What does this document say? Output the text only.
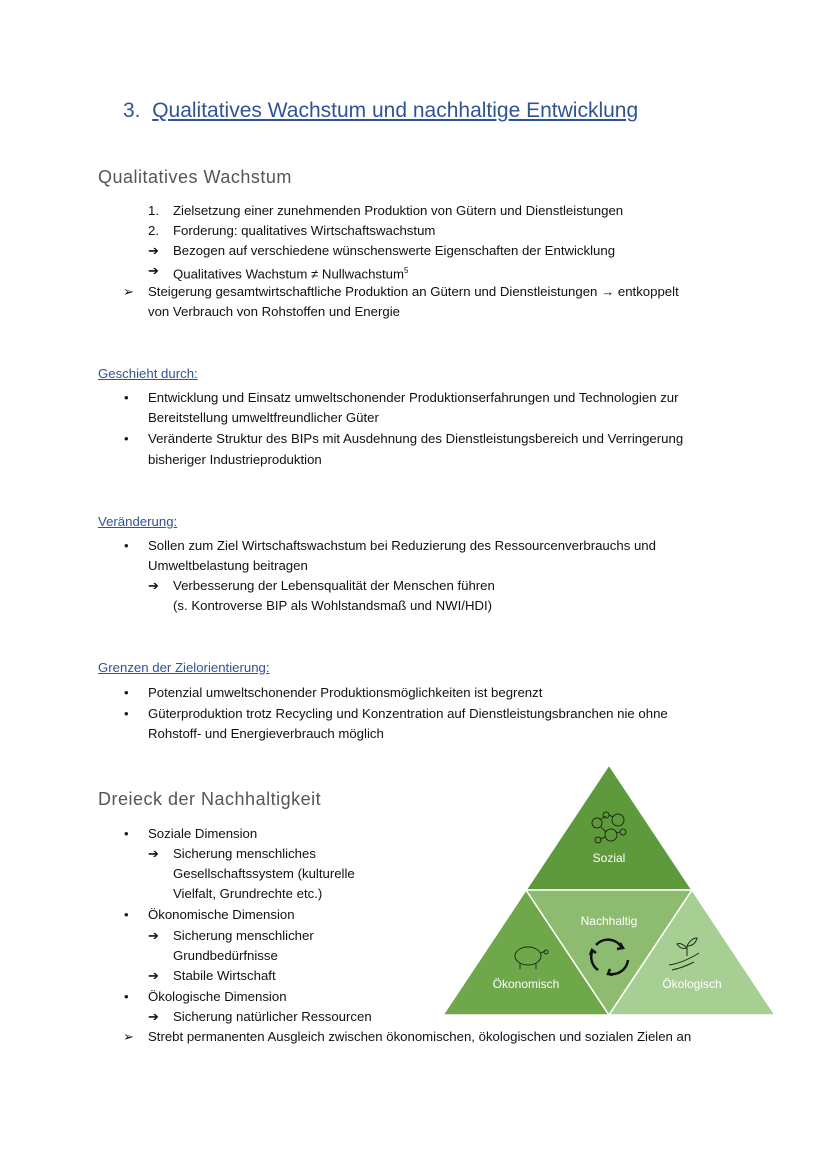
3. Qualitatives Wachstum und nachhaltige Entwicklung
Qualitatives Wachstum
1. Zielsetzung einer zunehmenden Produktion von Gütern und Dienstleistungen
2. Forderung: qualitatives Wirtschaftswachstum
➔ Bezogen auf verschiedene wünschenswerte Eigenschaften der Entwicklung
➔ Qualitatives Wachstum ≠ Nullwachstum$^5$
➢ Steigerung gesamtwirtschaftliche Produktion an Gütern und Dienstleistungen → entkoppelt
von Verbrauch von Rohstoffen und Energie
Geschieht durch:
• Entwicklung und Einsatz umweltschonender Produktionserfahrungen und Technologien zur
Bereitstellung umweltfreundlicher Güter
• Veränderte Struktur des BIPs mit Ausdehnung des Dienstleistungsbereich und Verringerung
bisheriger Industrieproduktion
Veränderung:
• Sollen zum Ziel Wirtschaftswachstum bei Reduzierung des Ressourcenverbrauchs und
Umweltbelastung beitragen
➔ Verbesserung der Lebensqualität der Menschen führen
(s. Kontroverse BIP als Wohlstandsmaß und NWI/HDI)
Grenzen der Zielorientierung:
• Potenzial umweltschonender Produktionsmöglichkeiten ist begrenzt
• Güterproduktion trotz Recycling und Konzentration auf Dienstleistungsbranchen nie ohne
Rohstoff- und Energieverbrauch möglich
Dreieck der Nachhaltigkeit
• Soziale Dimension
➔ Sicherung menschliches
Gesellschaftssystem (kulturelle
Vielfalt, Grundrechte etc.)
• Ökonomische Dimension
➔ Sicherung menschlicher
Grundbedürfnisse
➔ Stabile Wirtschaft
• Ökologische Dimension
➔ Sicherung natürlicher Ressourcen
➢ Strebt permanenten Ausgleich zwischen ökonomischen, ökologischen und sozialen Zielen an
Sozial
Nachhaltig
Ökonomisch	Ökologisch
